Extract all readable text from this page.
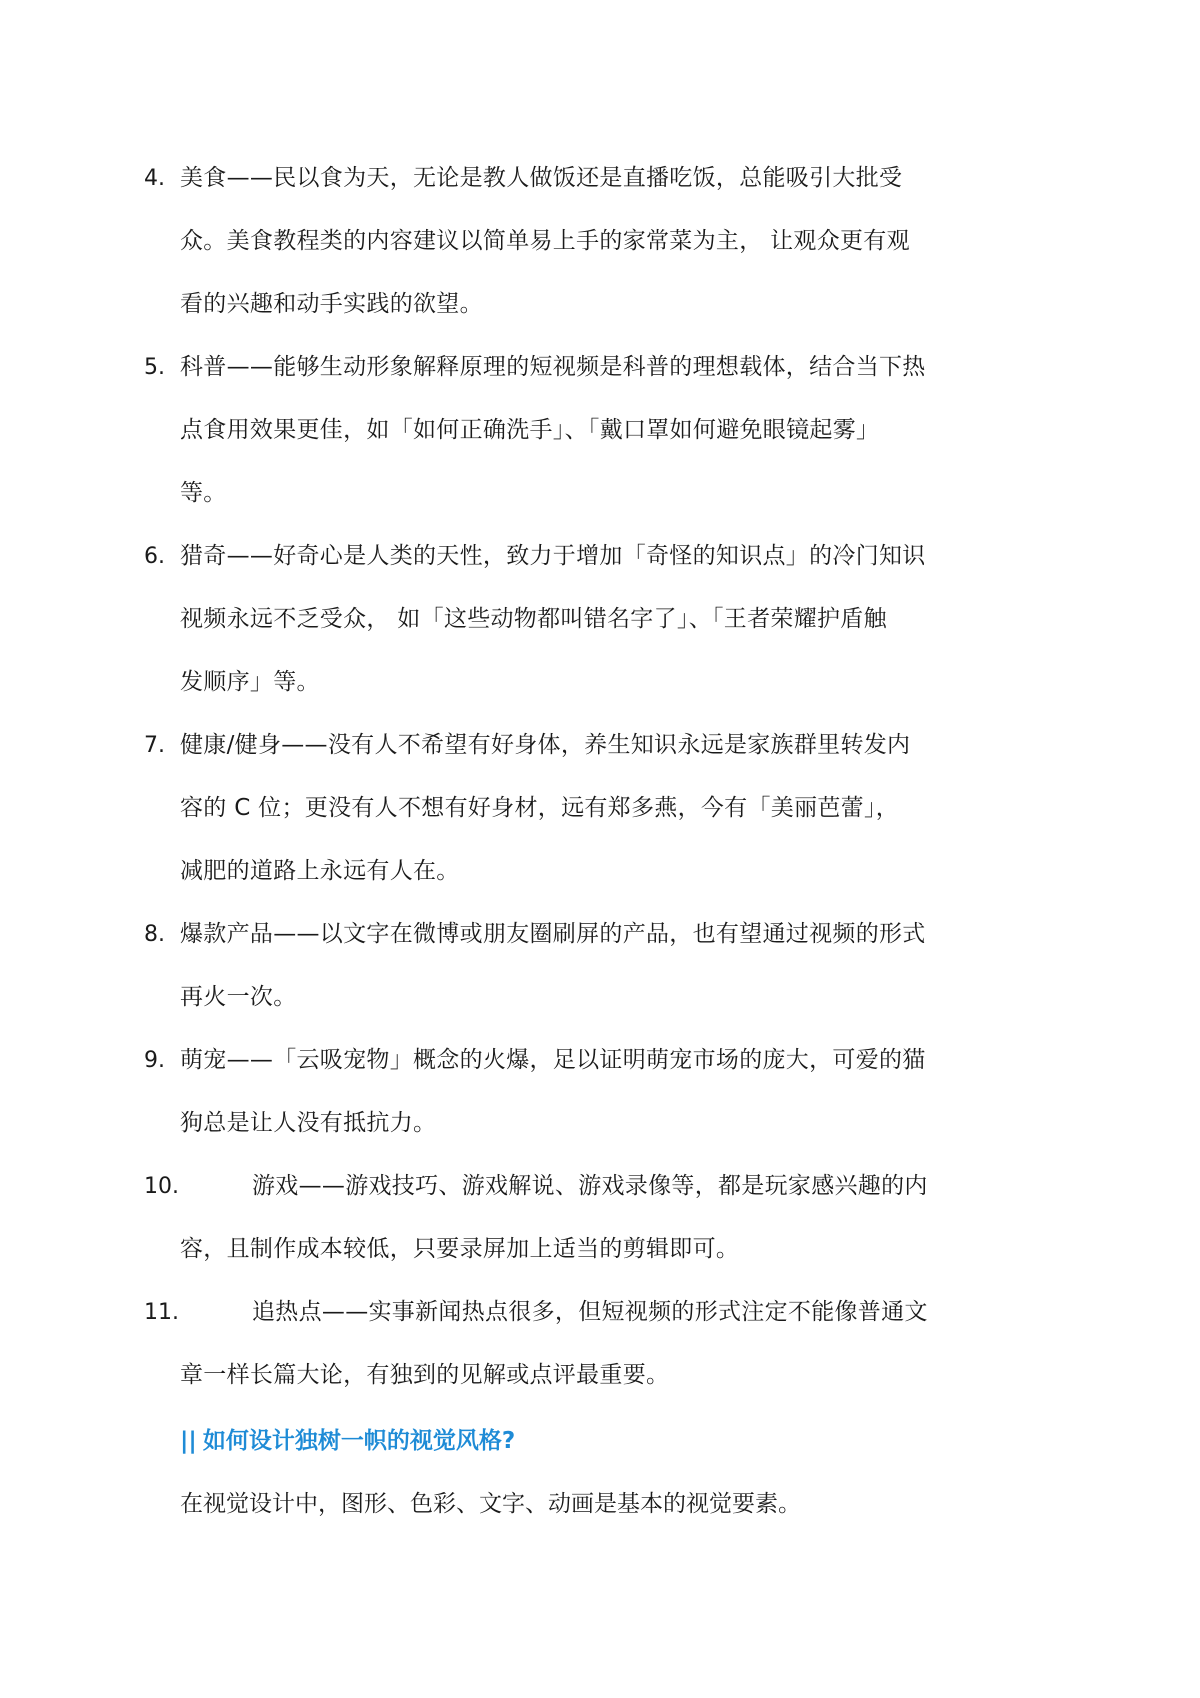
4. 美食——民以食为天，无论是教人做饭还是直播吃饭，总能吸引大批受
众。美食教程类的内容建议以简单易上手的家常菜为主， 让观众更有观
看的兴趣和动手实践的欲望。
5. 科普——能够生动形象解释原理的短视频是科普的理想载体，结合当下热
点食用效果更佳，如「如何正确洗手」、「戴口罩如何避免眼镜起雾」
等。
6. 猎奇——好奇心是人类的天性，致力于增加「奇怪的知识点」的冷门知识
视频永远不乏受众， 如「这些动物都叫错名字了」、「王者荣耀护盾触
发顺序」等。
7. 健康/健身——没有人不希望有好身体，养生知识永远是家族群里转发内
容的 C 位；更没有人不想有好身材，远有郑多燕，今有「美丽芭蕾」，
减肥的道路上永远有人在。
8. 爆款产品——以文字在微博或朋友圈刷屏的产品，也有望通过视频的形式
再火一次。
9. 萌宠——「云吸宠物」概念的火爆，足以证明萌宠市场的庞大，可爱的猫
狗总是让人没有抵抗力。
10.	游戏——游戏技巧、游戏解说、游戏录像等，都是玩家感兴趣的内
容，且制作成本较低，只要录屏加上适当的剪辑即可。
11.	追热点——实事新闻热点很多，但短视频的形式注定不能像普通文
章一样长篇大论，有独到的见解或点评最重要。
|| 如何设计独树一帜的视觉风格?
在视觉设计中，图形、色彩、文字、动画是基本的视觉要素。
